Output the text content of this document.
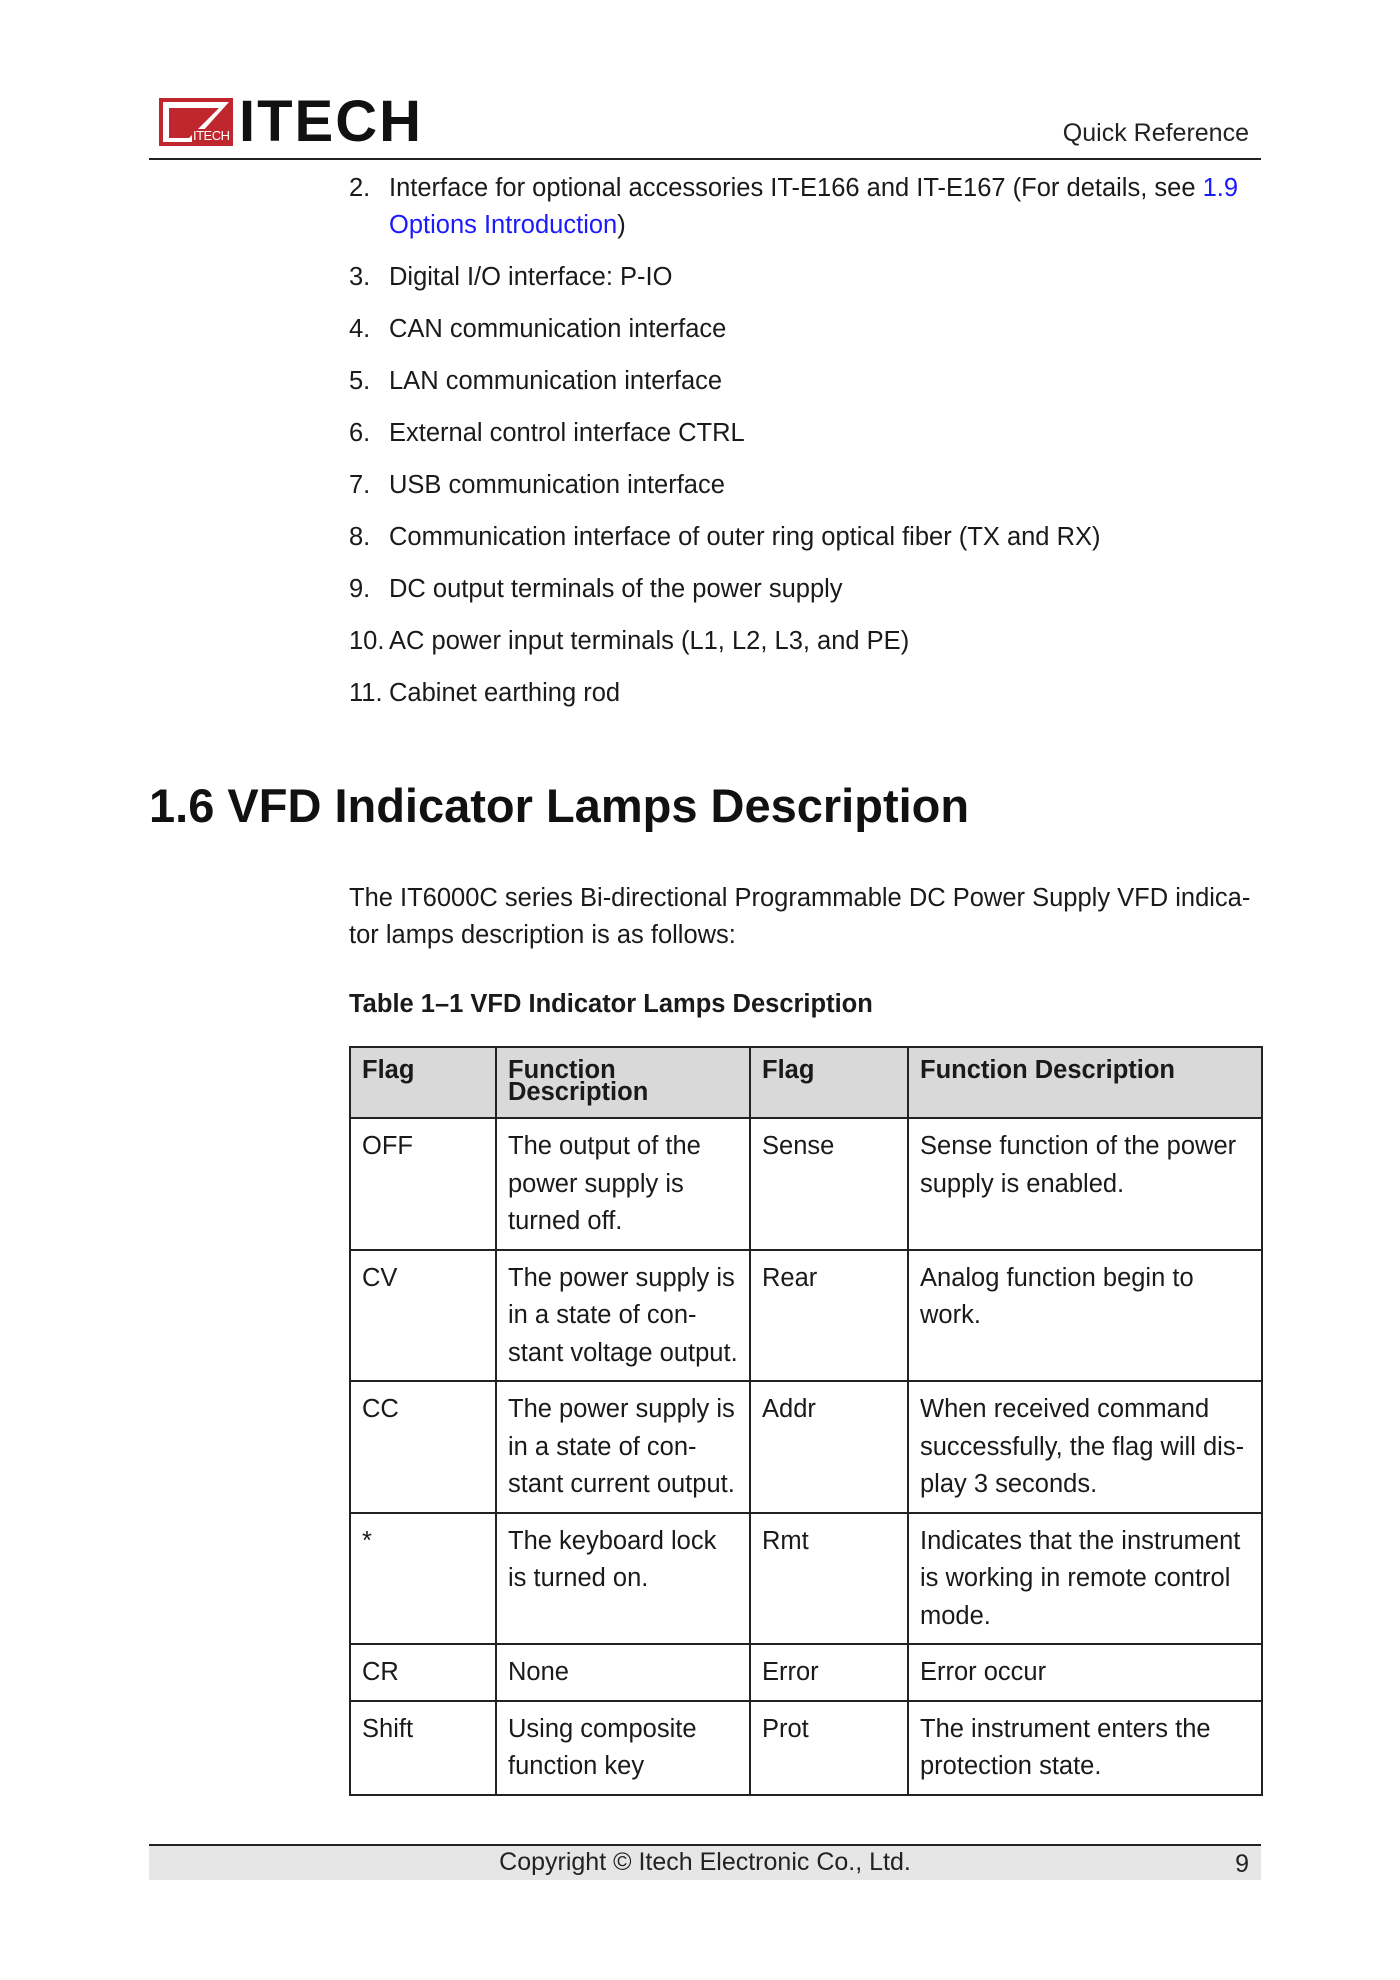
ITECH ITECH	Quick Reference
2. Interface for optional accessories IT-E166 and IT-E167 (For details, see 1.9 Options Introduction)
3. Digital I/O interface: P-IO
4. CAN communication interface
5. LAN communication interface
6. External control interface CTRL
7. USB communication interface
8. Communication interface of outer ring optical fiber (TX and RX)
9. DC output terminals of the power supply
10. AC power input terminals (L1, L2, L3, and PE)
11. Cabinet earthing rod
1.6 VFD Indicator Lamps Description

The IT6000C series Bi-directional Programmable DC Power Supply VFD indica-tor lamps description is as follows:

Table 1–1 VFD Indicator Lamps Description

Flag	Function Description	Flag	Function Description
OFF	The output of the power supply is turned off.	Sense	Sense function of the power supply is enabled.
CV	The power supply is in a state of con-stant voltage output.	Rear	Analog function begin to work.
CC	The power supply is in a state of con-stant current output.	Addr	When received command successfully, the flag will dis-play 3 seconds.
*	The keyboard lock is turned on.	Rmt	Indicates that the instrument is working in remote control mode.
CR	None	Error	Error occur
Shift	Using composite function key	Prot	The instrument enters the protection state.
Copyright © Itech Electronic Co., Ltd.	9
